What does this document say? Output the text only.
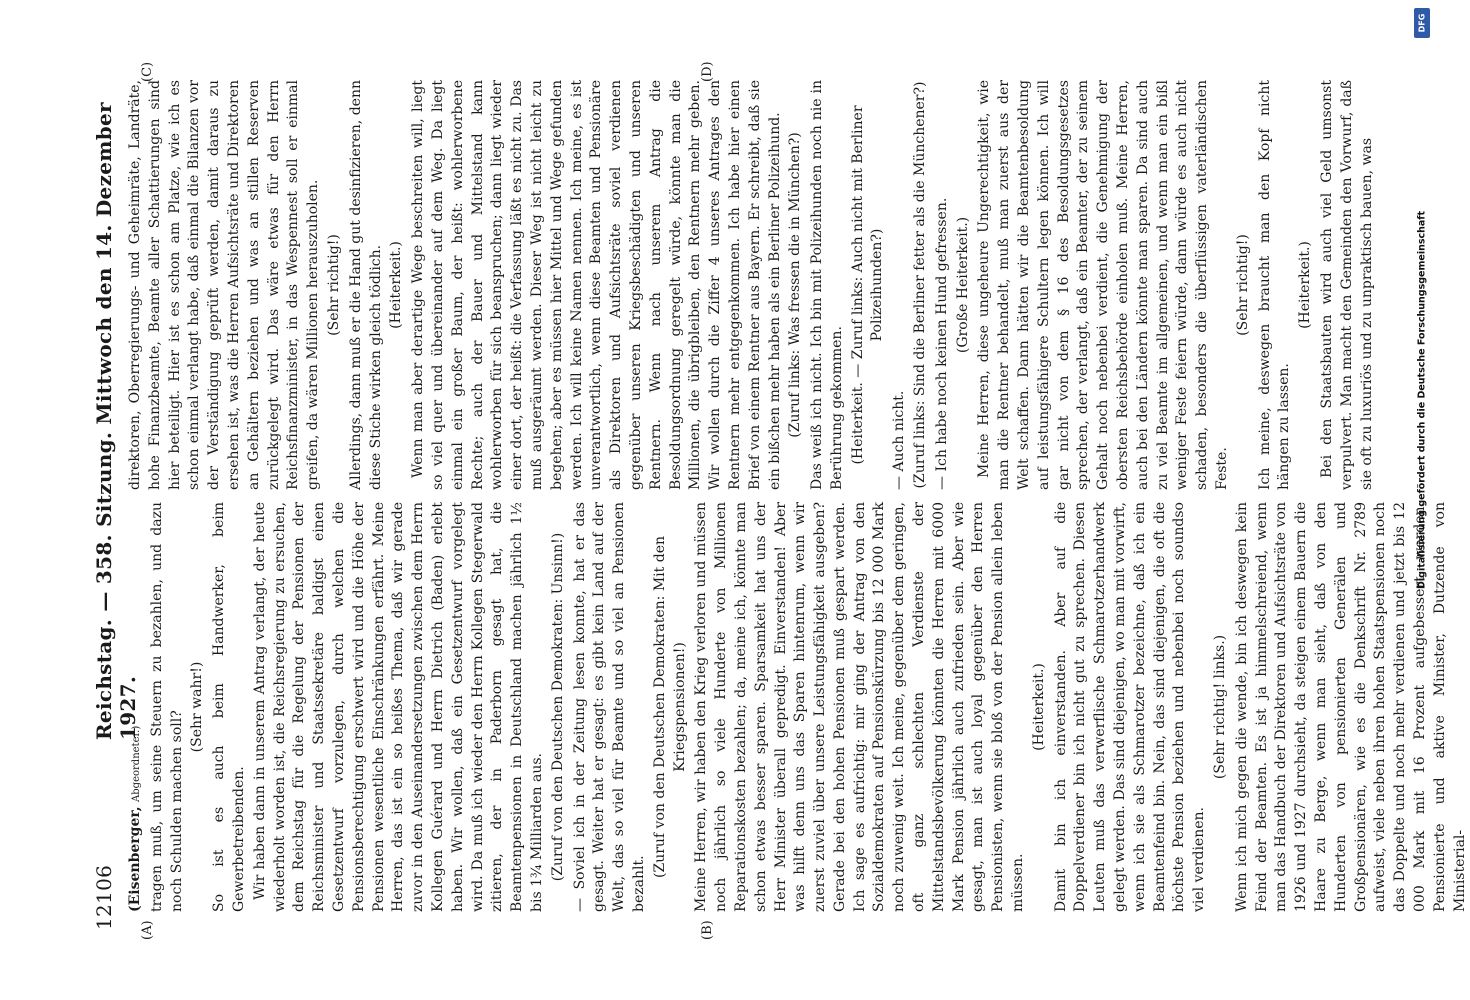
12106
Reichstag. — 358. Sitzung. Mittwoch den 14. Dezember 1927.
(A)	(B)
(C)	(D)

(Eisenberger, Abgeordneter.) tragen muß, um seine Steuern zu bezahlen, und dazu noch Schulden machen soll?

(Sehr wahr!) So ist es auch beim Handwerker, beim Gewerbetreibenden. Wir haben dann in unserem Antrag verlangt, der heute wiederholt worden ist, die Reichsregierung zu ersuchen, dem Reichstag für die Regelung der Pensionen der Reichsminister und Staatssekretäre baldigst einen Gesetzentwurf vorzulegen, durch welchen die Pensionsberechtigung erschwert wird und die Höhe der Pensionen wesentliche Einschränkungen erfährt. Meine Herren, das ist ein so heißes Thema, daß wir gerade zuvor in den Auseinandersetzungen zwischen dem Herrn Kollegen Guérard und Herrn Dietrich (Baden) erlebt haben. Wir wollen, daß ein Gesetzentwurf vorgelegt wird. Da muß ich wieder den Herrn Kollegen Stegerwald zitieren, der in Paderborn gesagt hat, die Beamtenpensionen in Deutschland machen jährlich 1½ bis 1¾ Milliarden aus. (Zuruf von den Deutschen Demokraten: Unsinn!) — Soviel ich in der Zeitung lesen konnte, hat er das gesagt. Weiter hat er gesagt: es gibt kein Land auf der Welt, das so viel für Beamte und so viel an Pensionen bezahlt.

(Zuruf von den Deutschen Demokraten: Mit den Kriegspensionen!) Meine Herren, wir haben den Krieg verloren und müssen noch jährlich so viele Hunderte von Millionen Reparationskosten bezahlen; da, meine ich, könnte man schon etwas besser sparen. Sparsamkeit hat uns der Herr Minister überall gepredigt. Einverstanden! Aber was hilft denn uns das Sparen hintenrum, wenn wir zuerst zuviel über unsere Leistungsfähigkeit ausgeben? Gerade bei den hohen Pensionen muß gespart werden. Ich sage es aufrichtig: mir ging der Antrag von den Sozialdemokraten auf Pensionskürzung bis 12 000 Mark noch zuwenig weit. Ich meine, gegenüber dem geringen, oft ganz schlechten Verdienste der Mittelstandsbevölkerung könnten die Herren mit 6000 Mark Pension jährlich auch zufrieden sein. Aber wie gesagt, man ist auch loyal gegenüber den Herren Pensionisten, wenn sie bloß von der Pension allein leben müssen.

(Heiterkeit.) Damit bin ich einverstanden. Aber auf die Doppelverdiener bin ich nicht gut zu sprechen. Diesen Leuten muß das verwerflische Schmarotzerhandwerk gelegt werden. Das sind diejenigen, wo man mit vorwirft, wenn ich sie als Schmarotzer bezeichne, daß ich ein Beamtenfeind bin. Nein, das sind diejenigen, die oft die höchste Pension beziehen und nebenbei noch soundso viel verdienen.

(Sehr richtig! links.) Wenn ich mich gegen die wende, bin ich deswegen kein Feind der Beamten. Es ist ja himmelschreiend, wenn man das Handbuch der Direktoren und Aufsichtsräte von 1926 und 1927 durchsieht, da steigen einem Bauern die Haare zu Berge, wenn man sieht, daß von den Hunderten von pensionierten Generälen und Großpensionären, wie es die Denkschrift Nr. 2789 aufweist, viele neben ihren hohen Staatspensionen noch das Doppelte und noch mehr verdienen und jetzt bis 12 000 Mark mit 16 Prozent aufgebessert werden. Pensionierte und aktive Minister, Dutzende von Ministerial-

direktoren, Oberregierungs- und Geheimräte, Landräte, hohe Finanzbeamte, Beamte aller Schattierungen sind hier beteiligt. Hier ist es schon am Platze, wie ich es schon einmal verlangt habe, daß einmal die Bilanzen vor der Verständigung geprüft werden, damit daraus zu ersehen ist, was die Herren Aufsichtsräte und Direktoren an Gehältern beziehen und was an stillen Reserven zurückgelegt wird. Das wäre etwas für den Herrn Reichsfinanzminister, in das Wespennest soll er einmal greifen, da wären Millionen herauszuholen. (Sehr richtig!) Allerdings, dann muß er die Hand gut desinfizieren, denn diese Stiche wirken gleich tödlich. (Heiterkeit.) Wenn man aber derartige Wege beschreiten will, liegt so viel quer und übereinander auf dem Weg. Da liegt einmal ein großer Baum, der heißt: wohlerworbene Rechte; auch der Bauer und Mittelstand kann wohlerworben für sich beanspruchen; dann liegt wieder einer dort, der heißt: die Verfassung läßt es nicht zu. Das muß ausgeräumt werden. Dieser Weg ist nicht leicht zu begehen; aber es müssen hier Mittel und Wege gefunden werden. Ich will keine Namen nennen. Ich meine, es ist unverantwortlich, wenn diese Beamten und Pensionäre als Direktoren und Aufsichtsräte soviel verdienen gegenüber unseren Kriegsbeschädigten und unseren Rentnern. Wenn nach unserem Antrag die Besoldungsordnung geregelt würde, könnte man die Millionen, die übrigbleiben, den Rentnern mehr geben. Wir wollen durch die Ziffer 4 unseres Antrages den Rentnern mehr entgegenkommen. Ich habe hier einen Brief von einem Rentner aus Bayern. Er schreibt, daß sie ein bißchen mehr haben als ein Berliner Polizeihund. (Zuruf links: Was fressen die in München?) Das weiß ich nicht. Ich bin mit Polizeihunden noch nie in Berührung gekommen. (Heiterkeit. — Zuruf links: Auch nicht mit Berliner Polizeihunden?)

— Auch nicht. (Zuruf links: Sind die Berliner fetter als die Münchener?) — Ich habe noch keinen Hund gefressen. (Große Heiterkeit.) Meine Herren, diese ungeheure Ungerechtigkeit, wie man die Rentner behandelt, muß man zuerst aus der Welt schaffen. Dann hätten wir die Beamtenbesoldung auf leistungsfähigere Schultern legen können. Ich will gar nicht von dem § 16 des Besoldungsgesetzes sprechen, der verlangt, daß ein Beamter, der zu seinem Gehalt noch nebenbei verdient, die Genehmigung der obersten Reichsbehörde einholen muß. Meine Herren, auch bei den Ländern könnte man sparen. Da sind auch zu viel Beamte im allgemeinen, und wenn man ein bißl weniger Feste feiern würde, dann würde es auch nicht schaden, besonders die überflüssigen vaterländischen Feste.

(Sehr richtig!) Ich meine, deswegen braucht man den Kopf nicht hängen zu lassen.

(Heiterkeit.) Bei den Staatsbauten wird auch viel Geld umsonst verpulvert. Man macht den Gemeinden den Vorwurf, daß sie oft zu luxuriös und zu unpraktisch bauen, was

DFG
Digitalisierung gefördert durch die Deutsche Forschungsgemeinschaft
